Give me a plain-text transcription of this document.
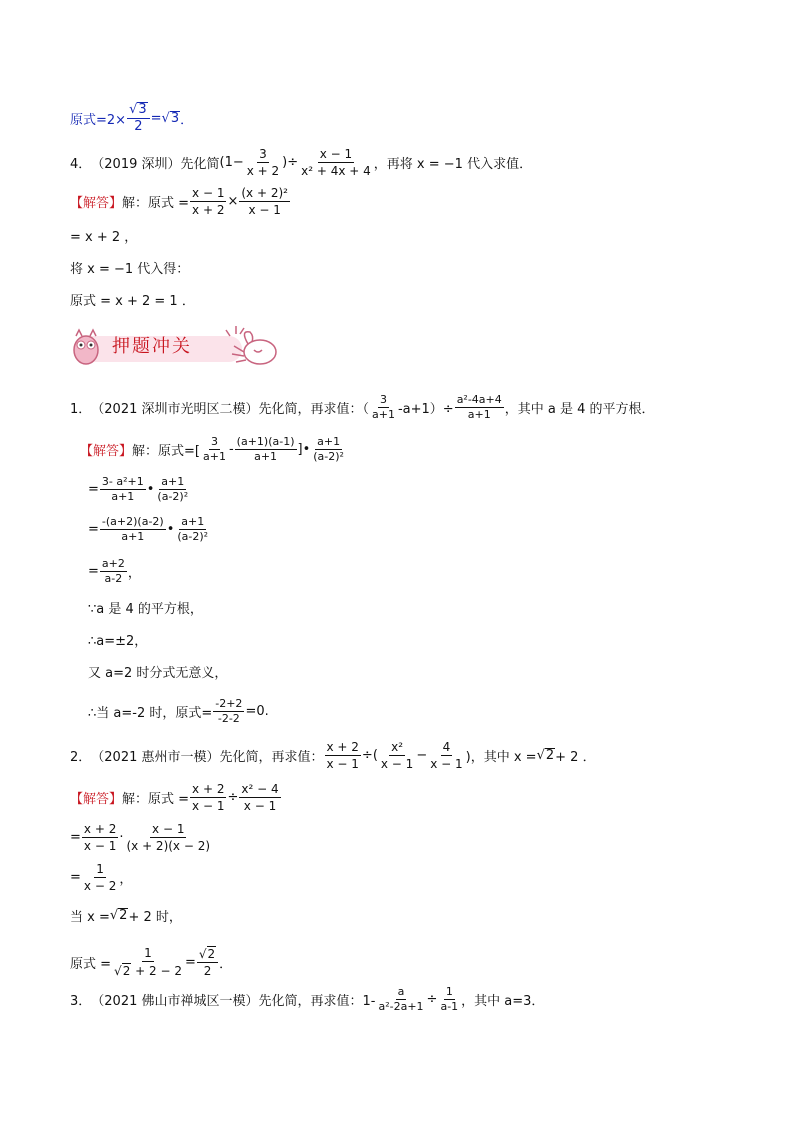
原式$=2\times \frac{√ 3}{2}$ = √ 3 ．
4． （2019 深圳）先化简 ($1- \frac{3}{x + 2}$ )÷ $\frac{x - 1}{\text{x² + 4x + 4}}$ ，再将 x = −1 代入求值．
【解答】 解：原式 = $\frac{x - 1}{x + 2} \times \frac{\text{(x + 2)²}}{x - 1}$
= x + 2 ，
将 x = −1 代入得：
原式 = x + 2 = 1 ．
押题冲关
1． （2021 深圳市光明区二模）先化简，再求值：（ $\frac{3}{a+1} -a+1)\div \frac{\text{a²-4a+4}}{a+1}$ ，其中 a 是 4 的平方根．
【解答】 解：原式=[ $\frac{3}{a+1} - \frac{(a+1)(a-1)}{a+1}$ ]• $\frac{a+1}{\text{(a-2)²}}$
= $\frac{\text{3- a²+1}}{a+1}$ • $\frac{a+1}{\text{(a-2)²}}$
= $\frac{-(a+2)(a-2)}{a+1}$ • $\frac{a+1}{\text{(a-2)²}}$
= $\frac{a+2}{a-2}$ ，
∵a 是 4 的平方根，
∴a=±2，
又 a=2 时分式无意义，
∴当 a=-2 时，原式= $\frac{-2+2}{-2-2} =0$.
2． （2021 惠州市一模）先化简，再求值： $\frac{x + 2}{x - 1}$ ÷( $\frac{\text{x²}}{x - 1} - \frac{4}{x - 1}$ )，其中 x = √ 2 + 2 ．
【解答】 解：原式 = $\frac{x + 2}{x - 1} \div \frac{\text{x² − 4}}{x - 1}$
= $\frac{x + 2}{x - 1} \cdot \frac{x - 1}{(x + 2)(x - 2)}$
= $\frac{1}{x - 2}$ ，
当 x = √ 2 + 2 时，
原式 = $\frac{1}{√ 2 + 2 - 2} = \frac{√ 2}{2}$ ．
3． （2021 佛山市禅城区一模）先化简，再求值：$1- \frac{a}{\text{a²-2a+1}} \div \frac{1}{a-1}$ ，其中 a=3．
